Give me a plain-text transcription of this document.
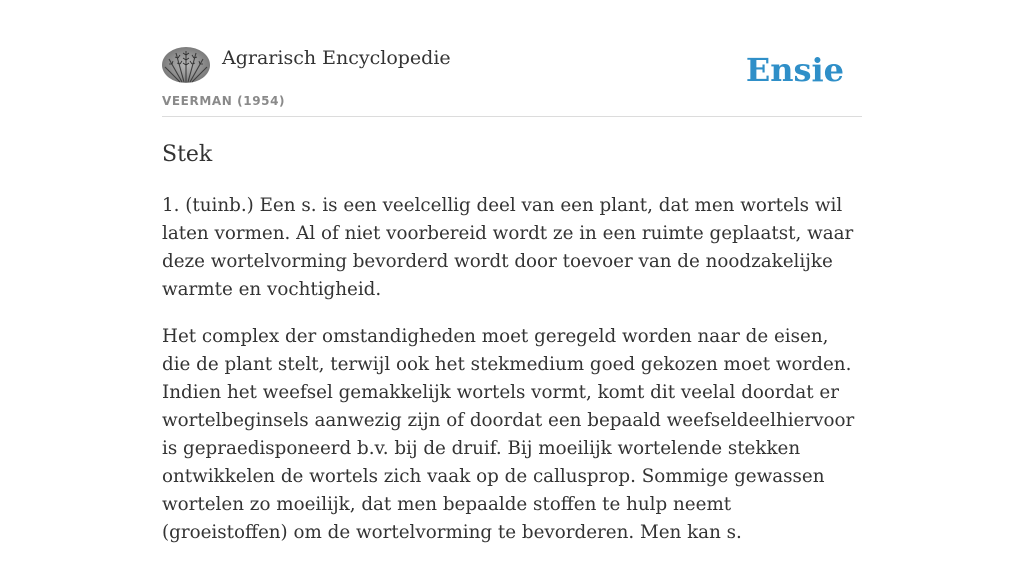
Agrarisch Encyclopedie
VEERMAN (1954)
Ensie
Stek

1. (tuinb.) Een s. is een veelcellig deel van een plant, dat men wortels wil laten vormen. Al of niet voorbereid wordt ze in een ruimte geplaatst, waar deze wortelvorming bevorderd wordt door toevoer van de noodzakelijke warmte en vochtigheid.

Het complex der omstandigheden moet geregeld worden naar de eisen, die de plant stelt, terwijl ook het stekmedium goed gekozen moet worden. Indien het weefsel gemakkelijk wortels vormt, komt dit veelal doordat er wortelbeginsels aanwezig zijn of doordat een bepaald weefseldeelhiervoor is gepraedisponeerd b.v. bij de druif. Bij moeilijk wortelende stekken ontwikkelen de wortels zich vaak op de callusprop. Sommige gewassen wortelen zo moeilijk, dat men bepaalde stoffen te hulp neemt (groeistoffen) om de wortelvorming te bevorderen. Men kan s.
